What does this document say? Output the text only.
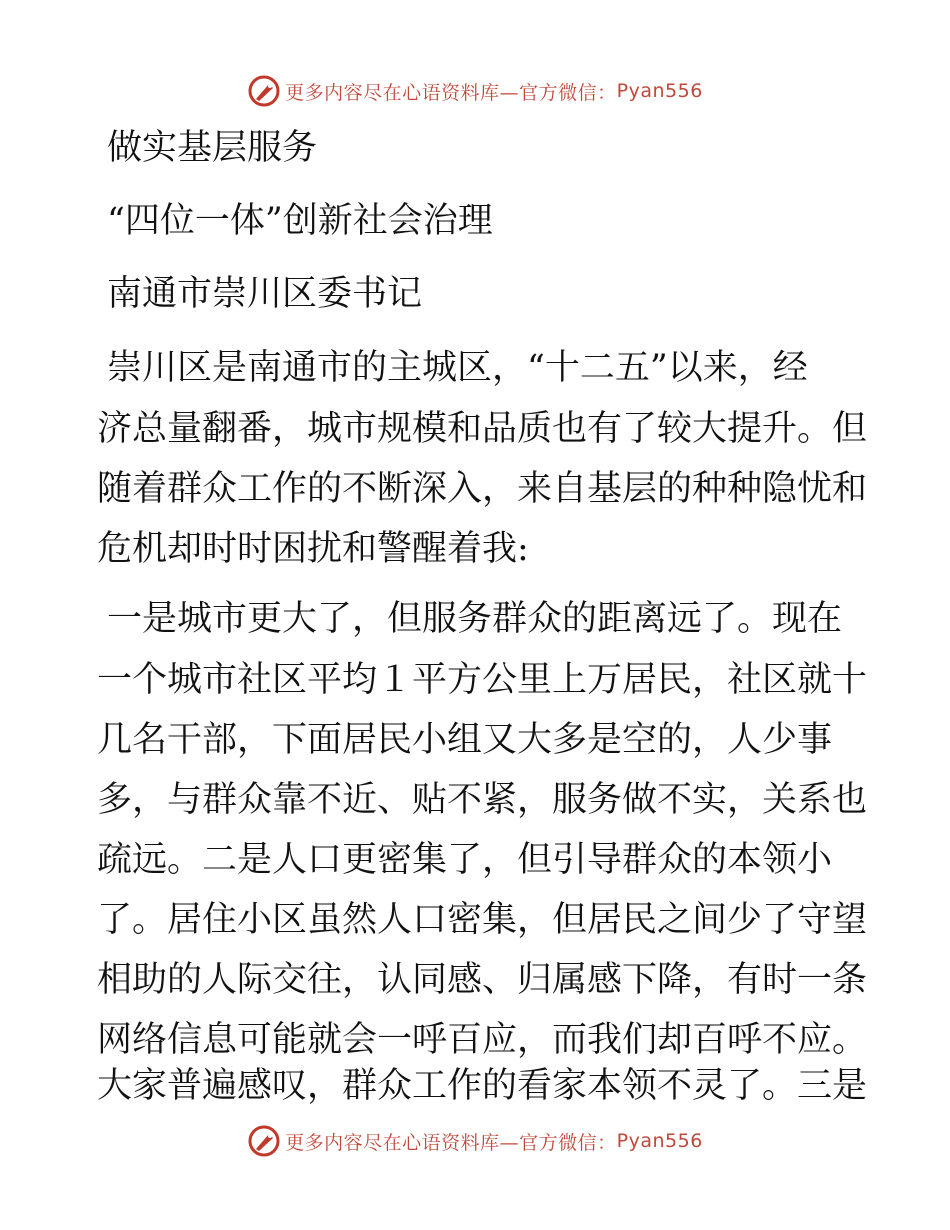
更多内容尽在心语资料库—官方微信： Pyan556

做实基层服务

“四位一体”创新社会治理

南通市崇川区委书记

崇川区是南通市的主城区，“十二五”以来，经

济总量翻番，城市规模和品质也有了较大提升。但

随着群众工作的不断深入，来自基层的种种隐忧和

危机却时时困扰和警醒着我:

一是城市更大了，但服务群众的距离远了。现在

一个城市社区平均１平方公里上万居民，社区就十

几名干部，下面居民小组又大多是空的，人少事

多，与群众靠不近、贴不紧，服务做不实，关系也

疏远。二是人口更密集了，但引导群众的本领小

了。居住小区虽然人口密集，但居民之间少了守望

相助的人际交往，认同感、归属感下降，有时一条

网络信息可能就会一呼百应，而我们却百呼不应。

大家普遍感叹，群众工作的看家本领不灵了。三是

更多内容尽在心语资料库—官方微信： Pyan556
